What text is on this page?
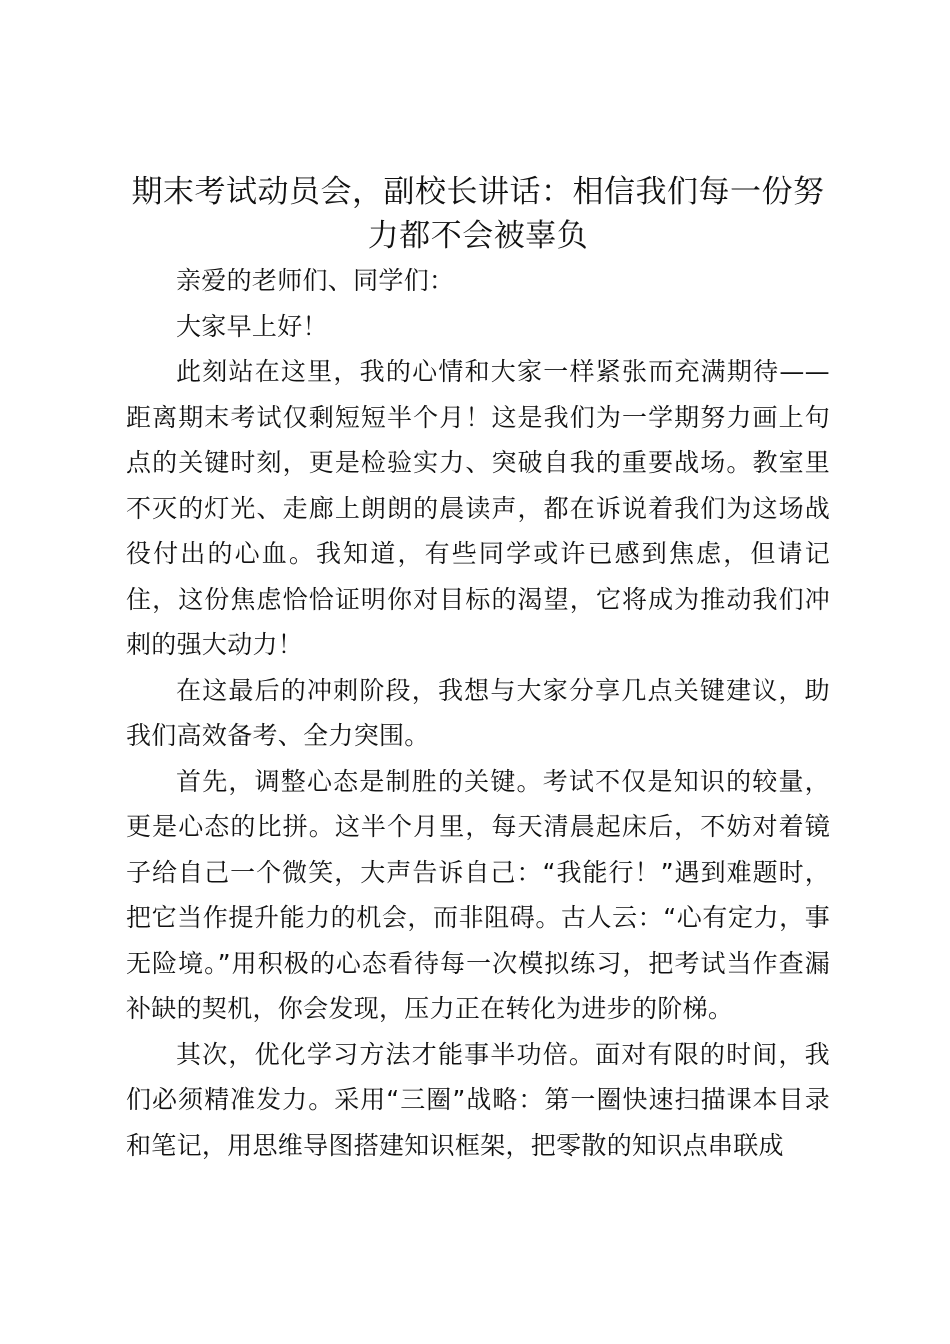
期末考试动员会，副校长讲话：相信我们每一份努力都不会被辜负

亲爱的老师们、同学们：

大家早上好！

此刻站在这里，我的心情和大家一样紧张而充满期待——距离期末考试仅剩短短半个月！这是我们为一学期努力画上句点的关键时刻，更是检验实力、突破自我的重要战场。教室里不灭的灯光、走廊上朗朗的晨读声，都在诉说着我们为这场战役付出的心血。我知道，有些同学或许已感到焦虑，但请记住，这份焦虑恰恰证明你对目标的渴望，它将成为推动我们冲刺的强大动力！

在这最后的冲刺阶段，我想与大家分享几点关键建议，助我们高效备考、全力突围。

首先，调整心态是制胜的关键。考试不仅是知识的较量，更是心态的比拼。这半个月里，每天清晨起床后，不妨对着镜子给自己一个微笑，大声告诉自己：“我能行！”遇到难题时，把它当作提升能力的机会，而非阻碍。古人云：“心有定力，事无险境。”用积极的心态看待每一次模拟练习，把考试当作查漏补缺的契机，你会发现，压力正在转化为进步的阶梯。

其次，优化学习方法才能事半功倍。面对有限的时间，我们必须精准发力。采用“三圈”战略：第一圈快速扫描课本目录和笔记，用思维导图搭建知识框架，把零散的知识点串联成
